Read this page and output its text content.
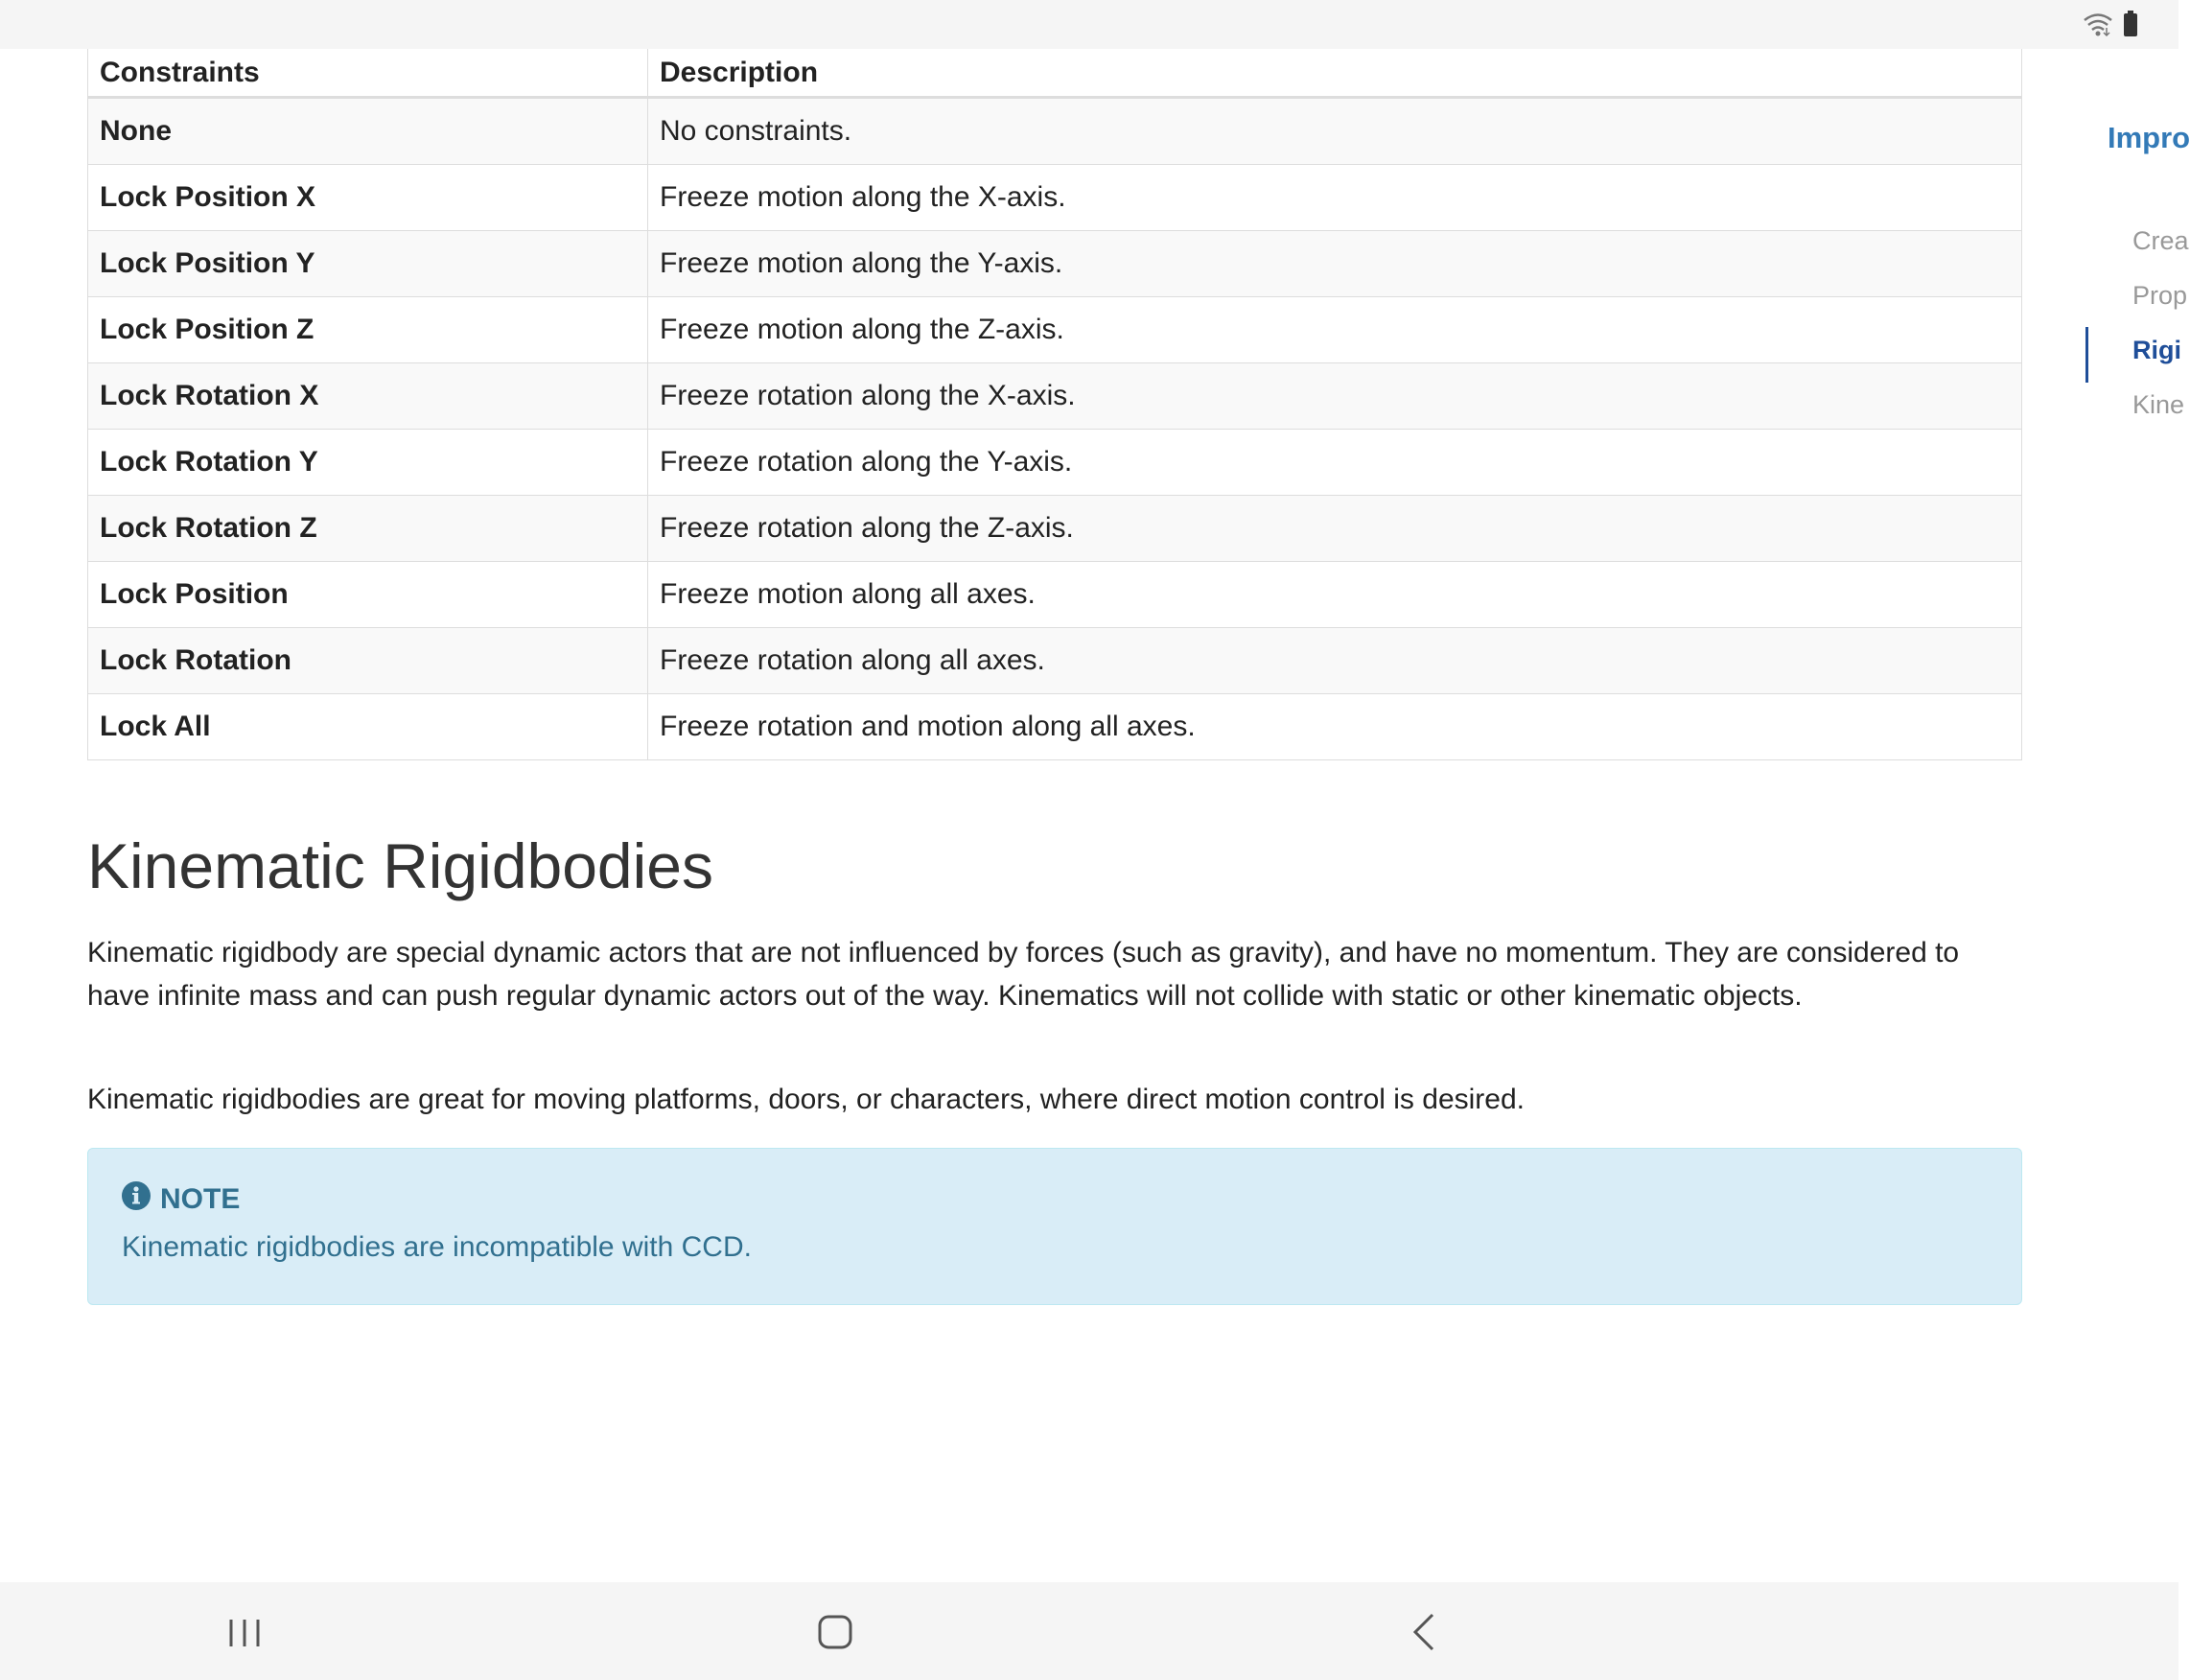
Constraints	Description
None	No constraints.
Lock Position X	Freeze motion along the X-axis.
Lock Position Y	Freeze motion along the Y-axis.
Lock Position Z	Freeze motion along the Z-axis.
Lock Rotation X	Freeze rotation along the X-axis.
Lock Rotation Y	Freeze rotation along the Y-axis.
Lock Rotation Z	Freeze rotation along the Z-axis.
Lock Position	Freeze motion along all axes.
Lock Rotation	Freeze rotation along all axes.
Lock All	Freeze rotation and motion along all axes.
Kinematic Rigidbodies

Kinematic rigidbody are special dynamic actors that are not influenced by forces (such as gravity), and have no momentum. They are considered to have infinite mass and can push regular dynamic actors out of the way. Kinematics will not collide with static or other kinematic objects.

Kinematic rigidbodies are great for moving platforms, doors, or characters, where direct motion control is desired.

NOTE
Kinematic rigidbodies are incompatible with CCD.
Impro
Crea
Prop
Rigi
Kine
